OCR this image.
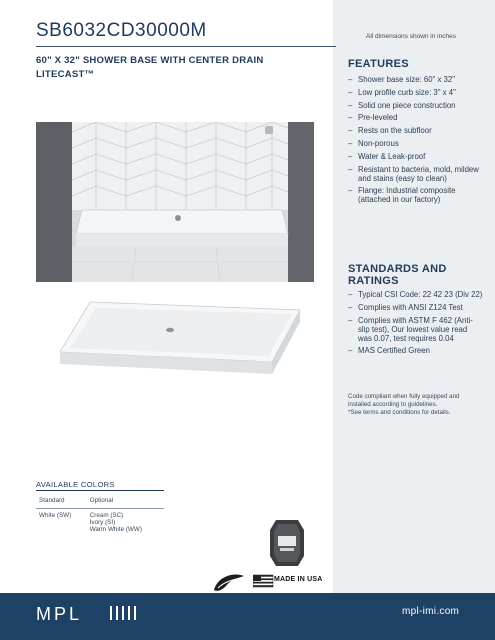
SB6032CD30000M	All dimensions shown in inches
60" X 32" SHOWER BASE WITH CENTER DRAIN
LITECAST™
FEATURES
– Shower base size: 60" x 32"
– Low profile curb size: 3" x 4"
– Solid one piece construction
– Pre-leveled
– Rests on the subfloor
– Non-porous
– Water & Leak-proof
– Resistant to bacteria, mold, mildew and stains (easy to clean)
– Flange: Industrial composite (attached in our factory)
STANDARDS AND RATINGS
– Typical CSI Code: 22 42 23 (Div 22)
– Complies with ANSI Z124 Test
– Complies with ASTM F 462 (Anti-slip test), Our lowest value read was 0.07, test requires 0.04
– MAS Certified Green
Code compliant when fully equipped and installed according to guidelines.
*See terms and conditions for details.
AVAILABLE COLORS
Standard	Optional
White (SW)	Cream (SC)
Ivory (SI)
Warm White (WW)
MADE IN USA
MPL	mpl-imi.com
